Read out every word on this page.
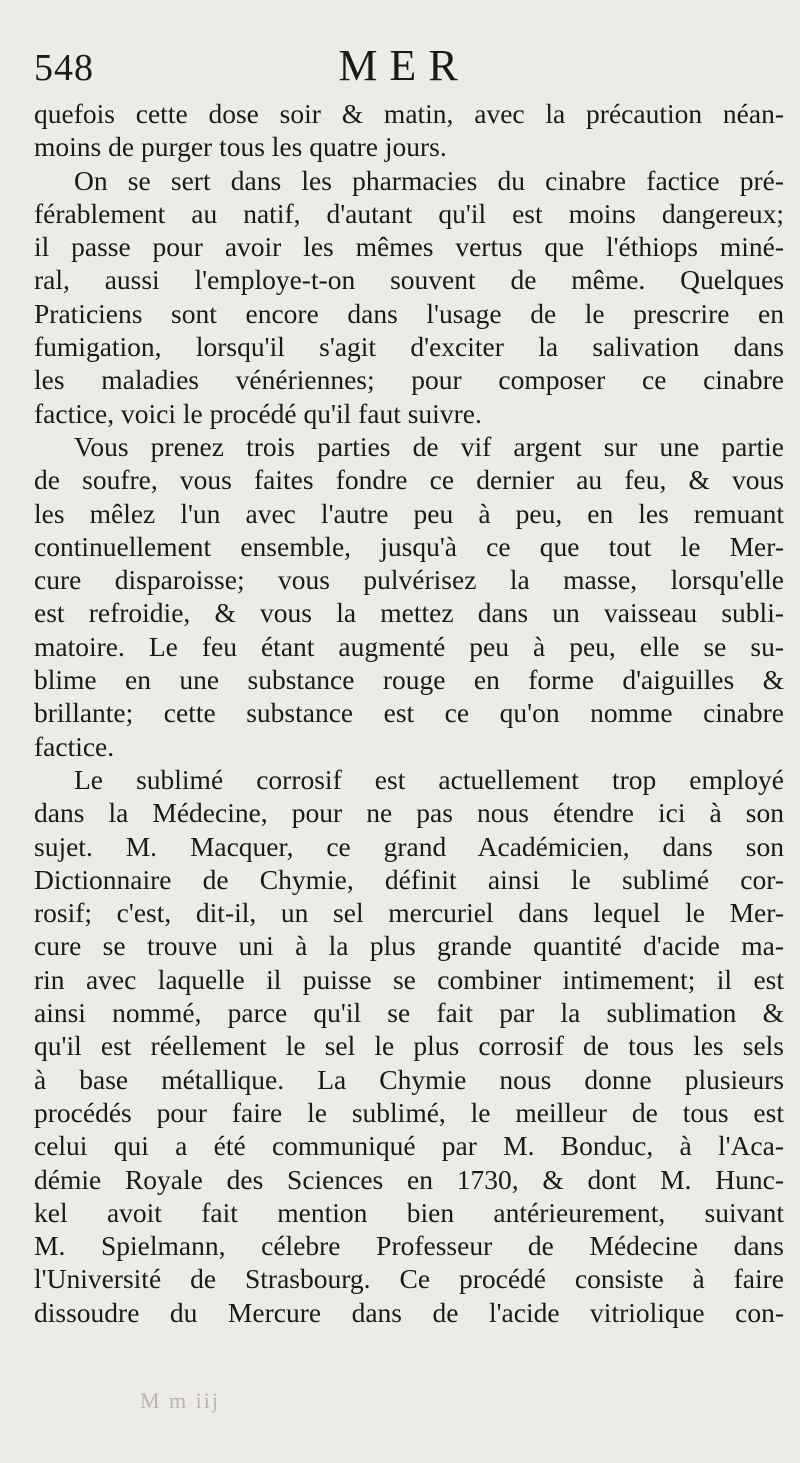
548	MER
quefois cette dose soir & matin, avec la précaution néan-
moins de purger tous les quatre jours.
On se sert dans les pharmacies du cinabre factice pré-
férablement au natif, d'autant qu'il est moins dangereux;
il passe pour avoir les mêmes vertus que l'éthiops miné-
ral, aussi l'employe-t-on souvent de même. Quelques
Praticiens sont encore dans l'usage de le prescrire en
fumigation, lorsqu'il s'agit d'exciter la salivation dans
les maladies vénériennes; pour composer ce cinabre
factice, voici le procédé qu'il faut suivre.
Vous prenez trois parties de vif argent sur une partie
de soufre, vous faites fondre ce dernier au feu, & vous
les mêlez l'un avec l'autre peu à peu, en les remuant
continuellement ensemble, jusqu'à ce que tout le Mer-
cure disparoisse; vous pulvérisez la masse, lorsqu'elle
est refroidie, & vous la mettez dans un vaisseau subli-
matoire. Le feu étant augmenté peu à peu, elle se su-
blime en une substance rouge en forme d'aiguilles &
brillante; cette substance est ce qu'on nomme cinabre
factice.
Le sublimé corrosif est actuellement trop employé
dans la Médecine, pour ne pas nous étendre ici à son
sujet. M. Macquer, ce grand Académicien, dans son
Dictionnaire de Chymie, définit ainsi le sublimé cor-
rosif; c'est, dit-il, un sel mercuriel dans lequel le Mer-
cure se trouve uni à la plus grande quantité d'acide ma-
rin avec laquelle il puisse se combiner intimement; il est
ainsi nommé, parce qu'il se fait par la sublimation &
qu'il est réellement le sel le plus corrosif de tous les sels
à base métallique. La Chymie nous donne plusieurs
procédés pour faire le sublimé, le meilleur de tous est
celui qui a été communiqué par M. Bonduc, à l'Aca-
démie Royale des Sciences en 1730, & dont M. Hunc-
kel avoit fait mention bien antérieurement, suivant
M. Spielmann, célebre Professeur de Médecine dans
l'Université de Strasbourg. Ce procédé consiste à faire
dissoudre du Mercure dans de l'acide vitriolique con-
M m iij
